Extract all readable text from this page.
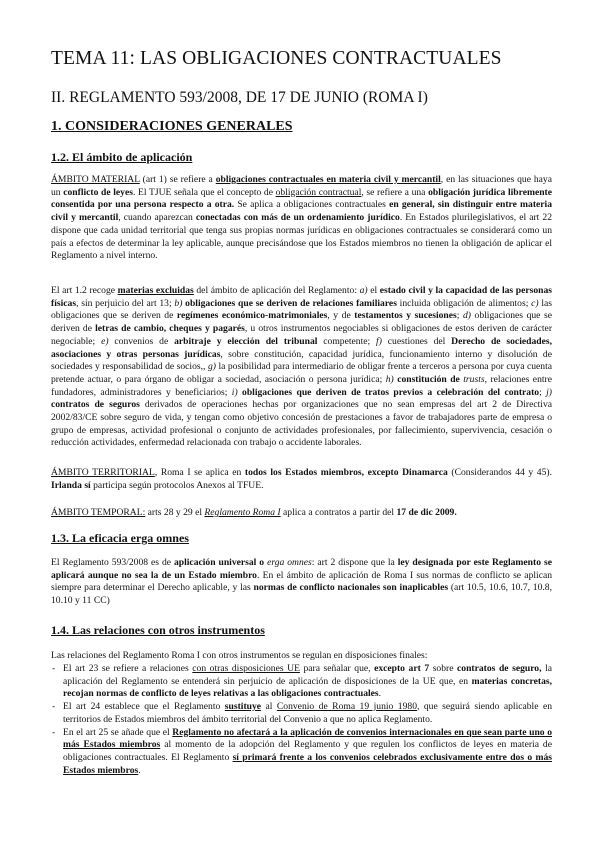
TEMA 11: LAS OBLIGACIONES CONTRACTUALES
II. REGLAMENTO 593/2008, DE 17 DE JUNIO (ROMA I)
1. CONSIDERACIONES GENERALES
1.2. El ámbito de aplicación

ÁMBITO MATERIAL (art 1) se refiere a obligaciones contractuales en materia civil y mercantil, en las situaciones que haya un conflicto de leyes. El TJUE señala que el concepto de obligación contractual, se refiere a una obligación jurídica libremente consentida por una persona respecto a otra. Se aplica a obligaciones contractuales en general, sin distinguir entre materia civil y mercantil, cuando aparezcan conectadas con más de un ordenamiento jurídico. En Estados plurilegislativos, el art 22 dispone que cada unidad territorial que tenga sus propias normas jurídicas en obligaciones contractuales se considerará como un país a efectos de determinar la ley aplicable, aunque precisándose que los Estados miembros no tienen la obligación de aplicar el Reglamento a nivel interno.

El art 1.2 recoge materias excluidas del ámbito de aplicación del Reglamento: a) el estado civil y la capacidad de las personas físicas, sin perjuicio del art 13; b) obligaciones que se deriven de relaciones familiares incluida obligación de alimentos; c) las obligaciones que se deriven de regímenes económico-matrimoniales, y de testamentos y sucesiones; d) obligaciones que se deriven de letras de cambio, cheques y pagarés, u otros instrumentos negociables si obligaciones de estos deriven de carácter negociable; e) convenios de arbitraje y elección del tribunal competente; f) cuestiones del Derecho de sociedades, asociaciones y otras personas jurídicas, sobre constitución, capacidad jurídica, funcionamiento interno y disolución de sociedades y responsabilidad de socios,, g) la posibilidad para intermediario de obligar frente a terceros a persona por cuya cuenta pretende actuar, o para órgano de obligar a sociedad, asociación o persona jurídica; h) constitución de trusts, relaciones entre fundadores, administradores y beneficiarios; i) obligaciones que deriven de tratos previos a celebración del contrato; j) contratos de seguros derivados de operaciones hechas por organizaciones que no sean empresas del art 2 de Directiva 2002/83/CE sobre seguro de vida, y tengan como objetivo concesión de prestaciones a favor de trabajadores parte de empresa o grupo de empresas, actividad profesional o conjunto de actividades profesionales, por fallecimiento, supervivencia, cesación o reducción actividades, enfermedad relacionada con trabajo o accidente laborales.

ÁMBITO TERRITORIAL, Roma I se aplica en todos los Estados miembros, excepto Dinamarca (Considerandos 44 y 45). Irlanda sí participa según protocolos Anexos al TFUE.

ÁMBITO TEMPORAL: arts 28 y 29 el Reglamento Roma I aplica a contratos a partir del 17 de dic 2009.

1.3. La eficacia erga omnes

El Reglamento 593/2008 es de aplicación universal o erga omnes: art 2 dispone que la ley designada por este Reglamento se aplicará aunque no sea la de un Estado miembro. En el ámbito de aplicación de Roma I sus normas de conflicto se aplican siempre para determinar el Derecho aplicable, y las normas de conflicto nacionales son inaplicables (art 10.5, 10.6, 10.7, 10.8, 10.10 y 11 CC)

1.4. Las relaciones con otros instrumentos
Las relaciones del Reglamento Roma I con otros instrumentos se regulan en disposiciones finales:
- El art 23 se refiere a relaciones con otras disposiciones UE para señalar que, excepto art 7 sobre contratos de seguro, la aplicación del Reglamento se entenderá sin perjuicio de aplicación de disposiciones de la UE que, en materias concretas, recojan normas de conflicto de leyes relativas a las obligaciones contractuales.
- El art 24 establece que el Reglamento sustituye al Convenio de Roma 19 junio 1980, que seguirá siendo aplicable en territorios de Estados miembros del ámbito territorial del Convenio a que no aplica Reglamento.
- En el art 25 se añade que el Reglamento no afectará a la aplicación de convenios internacionales en que sean parte uno o más Estados miembros al momento de la adopción del Reglamento y que regulen los conflictos de leyes en materia de obligaciones contractuales. El Reglamento sí primará frente a los convenios celebrados exclusivamente entre dos o más Estados miembros.
